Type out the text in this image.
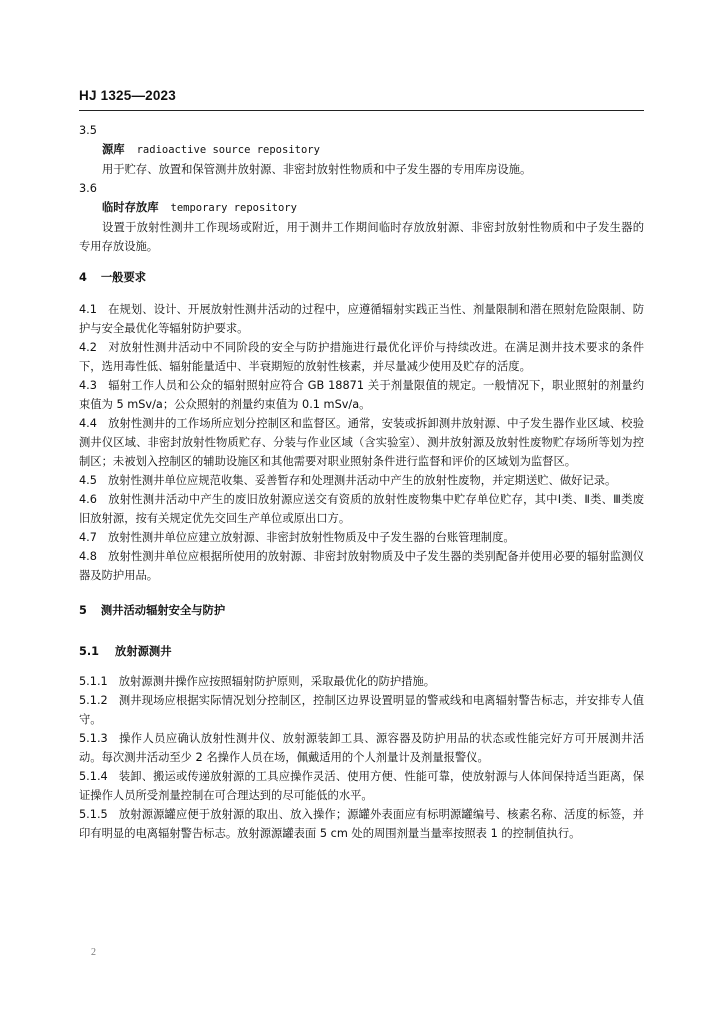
HJ 1325—2023
3.5
源库 radioactive source repository
用于贮存、放置和保管测井放射源、非密封放射性物质和中子发生器的专用库房设施。
3.6
临时存放库 temporary repository
设置于放射性测井工作现场或附近，用于测井工作期间临时存放放射源、非密封放射性物质和中子发生器的专用存放设施。
4 一般要求
4.1 在规划、设计、开展放射性测井活动的过程中，应遵循辐射实践正当性、剂量限制和潜在照射危险限制、防护与安全最优化等辐射防护要求。
4.2 对放射性测井活动中不同阶段的安全与防护措施进行最优化评价与持续改进。在满足测井技术要求的条件下，选用毒性低、辐射能量适中、半衰期短的放射性核素，并尽量减少使用及贮存的活度。
4.3 辐射工作人员和公众的辐射照射应符合 GB 18871 关于剂量限值的规定。一般情况下，职业照射的剂量约束值为 5 mSv/a；公众照射的剂量约束值为 0.1 mSv/a。
4.4 放射性测井的工作场所应划分控制区和监督区。通常，安装或拆卸测井放射源、中子发生器作业区域、校验测井仪区域、非密封放射性物质贮存、分装与作业区域（含实验室）、测井放射源及放射性废物贮存场所等划为控制区；未被划入控制区的辅助设施区和其他需要对职业照射条件进行监督和评价的区域划为监督区。
4.5 放射性测井单位应规范收集、妥善暂存和处理测井活动中产生的放射性废物，并定期送贮、做好记录。
4.6 放射性测井活动中产生的废旧放射源应送交有资质的放射性废物集中贮存单位贮存，其中Ⅰ类、Ⅱ类、Ⅲ类废旧放射源，按有关规定优先交回生产单位或原出口方。
4.7 放射性测井单位应建立放射源、非密封放射性物质及中子发生器的台账管理制度。
4.8 放射性测井单位应根据所使用的放射源、非密封放射物质及中子发生器的类别配备并使用必要的辐射监测仪器及防护用品。
5 测井活动辐射安全与防护
5.1 放射源测井
5.1.1 放射源测井操作应按照辐射防护原则，采取最优化的防护措施。
5.1.2 测井现场应根据实际情况划分控制区，控制区边界设置明显的警戒线和电离辐射警告标志，并安排专人值守。
5.1.3 操作人员应确认放射性测井仪、放射源装卸工具、源容器及防护用品的状态或性能完好方可开展测井活动。每次测井活动至少 2 名操作人员在场，佩戴适用的个人剂量计及剂量报警仪。
5.1.4 装卸、搬运或传递放射源的工具应操作灵活、使用方便、性能可靠，使放射源与人体间保持适当距离，保证操作人员所受剂量控制在可合理达到的尽可能低的水平。
5.1.5 放射源源罐应便于放射源的取出、放入操作；源罐外表面应有标明源罐编号、核素名称、活度的标签，并印有明显的电离辐射警告标志。放射源源罐表面 5 cm 处的周围剂量当量率按照表 1 的控制值执行。
2
